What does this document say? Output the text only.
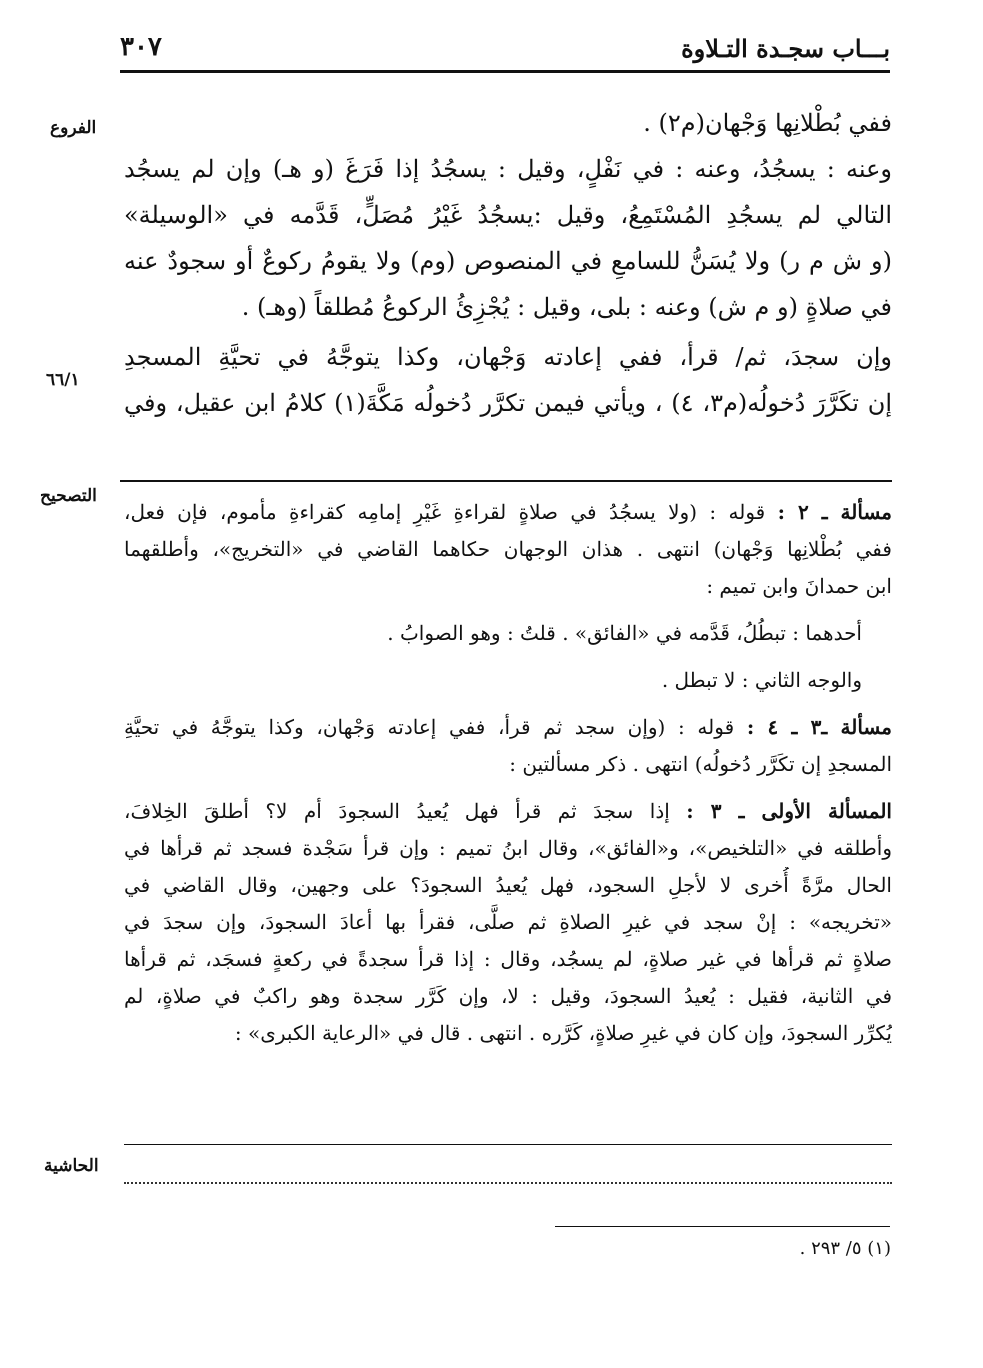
بـــاب سجـدة التـلاوة
٣٠٧
الفروع
٦٦/١
التصحيح
الحاشية
ففي بُطْلانِها وَجْهان(م٢) .
وعنه : يسجُدُ، وعنه : في نَفْلٍ، وقيل : يسجُدُ إذا فَرَغَ (و هـ) وإن لم يسجُد
التالي لم يسجُدِ المُسْتَمِعُ، وقيل :يسجُدُ غَيْرُ مُصَلٍّ، قَدَّمه في «الوسيلة»
(و ش م ر) ولا يُسَنُّ للسامعِ في المنصوص (وم) ولا يقومُ ركوعٌ أو سجودٌ عنه
في صلاةٍ (و م ش) وعنه : بلى، وقيل : يُجْزِئُ الركوعُ مُطلقاً (وهـ) .
وإن سجدَ، ثم/ قرأ، ففي إعادته وَجْهان، وكذا يتوجَّهُ في تحيَّةِ المسجدِ
إن تكَرَّرَ دُخولُه(م٣، ٤) ، ويأتي فيمن تكرَّر دُخولُه مَكَّةَ(١) كلامُ ابن عقيل، وفي
مسألة ـ ٢ : قوله : (ولا يسجُدُ في صلاةٍ لقراءةِ غَيْرِ إمامِه كقراءةِ مأموم، فإن فعل،
ففي بُطْلانِها وَجْهان) انتهى . هذان الوجهان حكاهما القاضي في «التخريج»، وأطلقهما
ابن حمدانَ وابن تميم :
أحدهما : تبطُلُ، قَدَّمه في «الفائق» . قلتُ : وهو الصوابُ .
والوجه الثاني : لا تبطل .
مسألة ـ٣ ـ ٤ : قوله : (وإن سجد ثم قرأ، ففي إعادته وَجْهان، وكذا يتوجَّهُ في تحيَّةِ
المسجدِ إن تكَرَّر دُخولُه) انتهى . ذكر مسألتين :
المسألة الأولى ـ ٣ : إذا سجدَ ثم قرأ فهل يُعيدُ السجودَ أم لا؟ أطلقَ الخِلافَ،
وأطلقه في «التلخيص»، و«الفائق»، وقال ابنُ تميم : وإن قرأ سَجْدة فسجد ثم قرأها في
الحال مرَّةً أُخرى لا لأجلِ السجود، فهل يُعيدُ السجودَ؟ على وجهين، وقال القاضي في
«تخريجه» : إنْ سجد في غيرِ الصلاةِ ثم صلَّى، فقرأ بها أعادَ السجودَ، وإن سجدَ في
صلاةٍ ثم قرأها في غير صلاةٍ، لم يسجُد، وقال : إذا قرأ سجدةً في ركعةٍ فسجَد، ثم قرأها
في الثانية، فقيل : يُعيدُ السجودَ، وقيل : لا، وإن كَرَّر سجدة وهو راكبٌ في صلاةٍ، لم
يُكرِّر السجودَ، وإن كان في غيرِ صلاةٍ، كَرَّره . انتهى . قال في «الرعاية الكبرى» :
(١) ٥/ ٢٩٣ .
